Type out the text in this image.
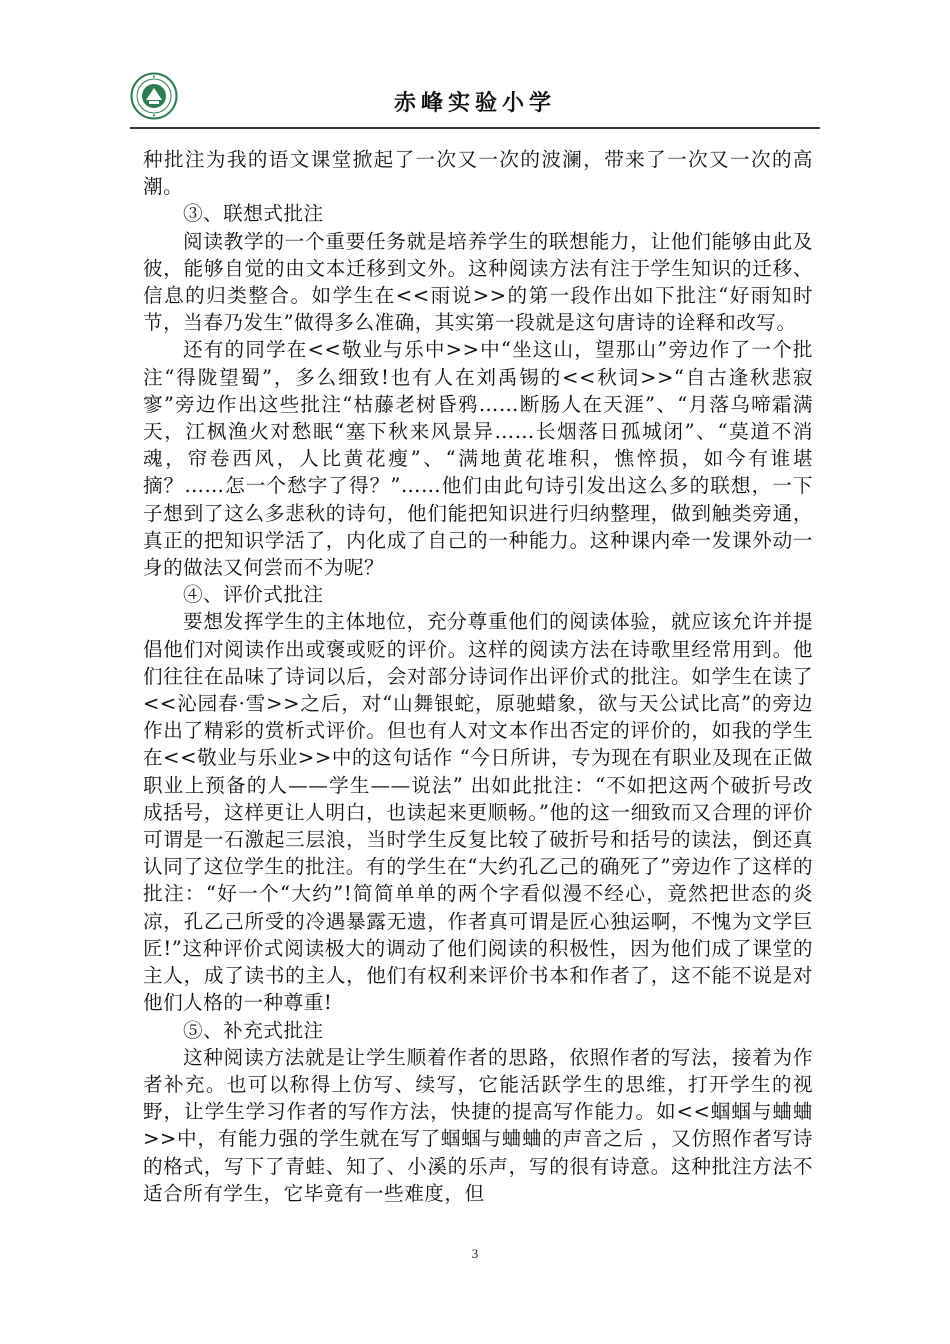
赤峰实验小学

种批注为我的语文课堂掀起了一次又一次的波澜，带来了一次又一次的高潮。

③、联想式批注

阅读教学的一个重要任务就是培养学生的联想能力，让他们能够由此及彼，能够自觉的由文本迁移到文外。这种阅读方法有注于学生知识的迁移、信息的归类整合。如学生在<<雨说>>的第一段作出如下批注“好雨知时节，当春乃发生”做得多么准确，其实第一段就是这句唐诗的诠释和改写。

还有的同学在<<敬业与乐中>>中“坐这山，望那山”旁边作了一个批注“得陇望蜀”，多么细致!也有人在刘禹锡的<<秋词>>“自古逢秋悲寂寥”旁边作出这些批注“枯藤老树昏鸦……断肠人在天涯”、“月落乌啼霜满天，江枫渔火对愁眠“塞下秋来风景异……长烟落日孤城闭”、“莫道不消魂，帘卷西风，人比黄花瘦”、“满地黄花堆积，憔悴损，如今有谁堪摘？……怎一个愁字了得？”……他们由此句诗引发出这么多的联想，一下子想到了这么多悲秋的诗句，他们能把知识进行归纳整理，做到触类旁通，真正的把知识学活了，内化成了自己的一种能力。这种课内牵一发课外动一身的做法又何尝而不为呢？

④、评价式批注

要想发挥学生的主体地位，充分尊重他们的阅读体验，就应该允许并提倡他们对阅读作出或褒或贬的评价。这样的阅读方法在诗歌里经常用到。他们往往在品味了诗词以后，会对部分诗词作出评价式的批注。如学生在读了<<沁园春·雪>>之后，对“山舞银蛇，原驰蜡象，欲与天公试比高”的旁边作出了精彩的赏析式评价。但也有人对文本作出否定的评价的，如我的学生在<<敬业与乐业>>中的这句话作 “今日所讲，专为现在有职业及现在正做职业上预备的人——学生——说法” 出如此批注：“不如把这两个破折号改成括号，这样更让人明白，也读起来更顺畅。”他的这一细致而又合理的评价可谓是一石激起三层浪，当时学生反复比较了破折号和括号的读法，倒还真认同了这位学生的批注。有的学生在“大约孔乙己的确死了”旁边作了这样的批注：“好一个“大约”!简简单单的两个字看似漫不经心，竟然把世态的炎凉，孔乙己所受的冷遇暴露无遗，作者真可谓是匠心独运啊，不愧为文学巨匠!”这种评价式阅读极大的调动了他们阅读的积极性，因为他们成了课堂的主人，成了读书的主人，他们有权利来评价书本和作者了，这不能不说是对他们人格的一种尊重!

⑤、补充式批注

这种阅读方法就是让学生顺着作者的思路，依照作者的写法，接着为作者补充。也可以称得上仿写、续写，它能活跃学生的思维，打开学生的视野，让学生学习作者的写作方法，快捷的提高写作能力。如<<蝈蝈与蛐蛐>>中，有能力强的学生就在写了蝈蝈与蛐蛐的声音之后 ，又仿照作者写诗的格式，写下了青蛙、知了、小溪的乐声，写的很有诗意。这种批注方法不适合所有学生，它毕竟有一些难度，但

3
